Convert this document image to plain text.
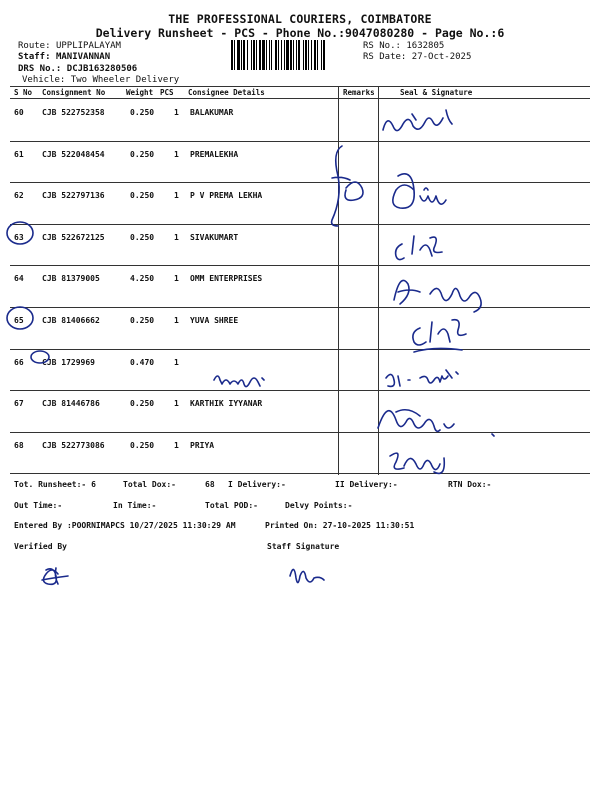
THE PROFESSIONAL COURIERS, COIMBATORE
Delivery Runsheet - PCS - Phone No.:9047080280 - Page No.:6
Route: UPPLIPALAYAM
Staff: MANIVANNAN
DRS No.: DCJB163280506
Vehicle: Two Wheeler Delivery
RS No.: 1632805
RS Date: 27-Oct-2025
S No Consignment No	Weight PCS Consignee Details	Remarks	Seal & Signature
60 CJB 522752358	0.250 1 BALAKUMAR
61 CJB 522048454	0.250 1 PREMALEKHA
62 CJB 522797136	0.250 1 P V PREMA LEKHA
63 CJB 522672125	0.250 1 SIVAKUMART
64 CJB 81379005	4.250 1 OMM ENTERPRISES
65 CJB 81406662	0.250 1 YUVA SHREE
66 CJB 1729969	0.470 1
67 CJB 81446786	0.250 1 KARTHIK IYYANAR
68 CJB 522773086	0.250 1 PRIYA
Tot. Runsheet:- 6	Total Dox:-	68 I Delivery:-	II Delivery:-	RTN Dox:-
Out Time:-	In Time:-	Total POD:-	Delvy Points:-
Entered By :POORNIMAPCS 10/27/2025 11:30:29 AM	Printed On: 27-10-2025 11:30:51
Verified By	Staff Signature
